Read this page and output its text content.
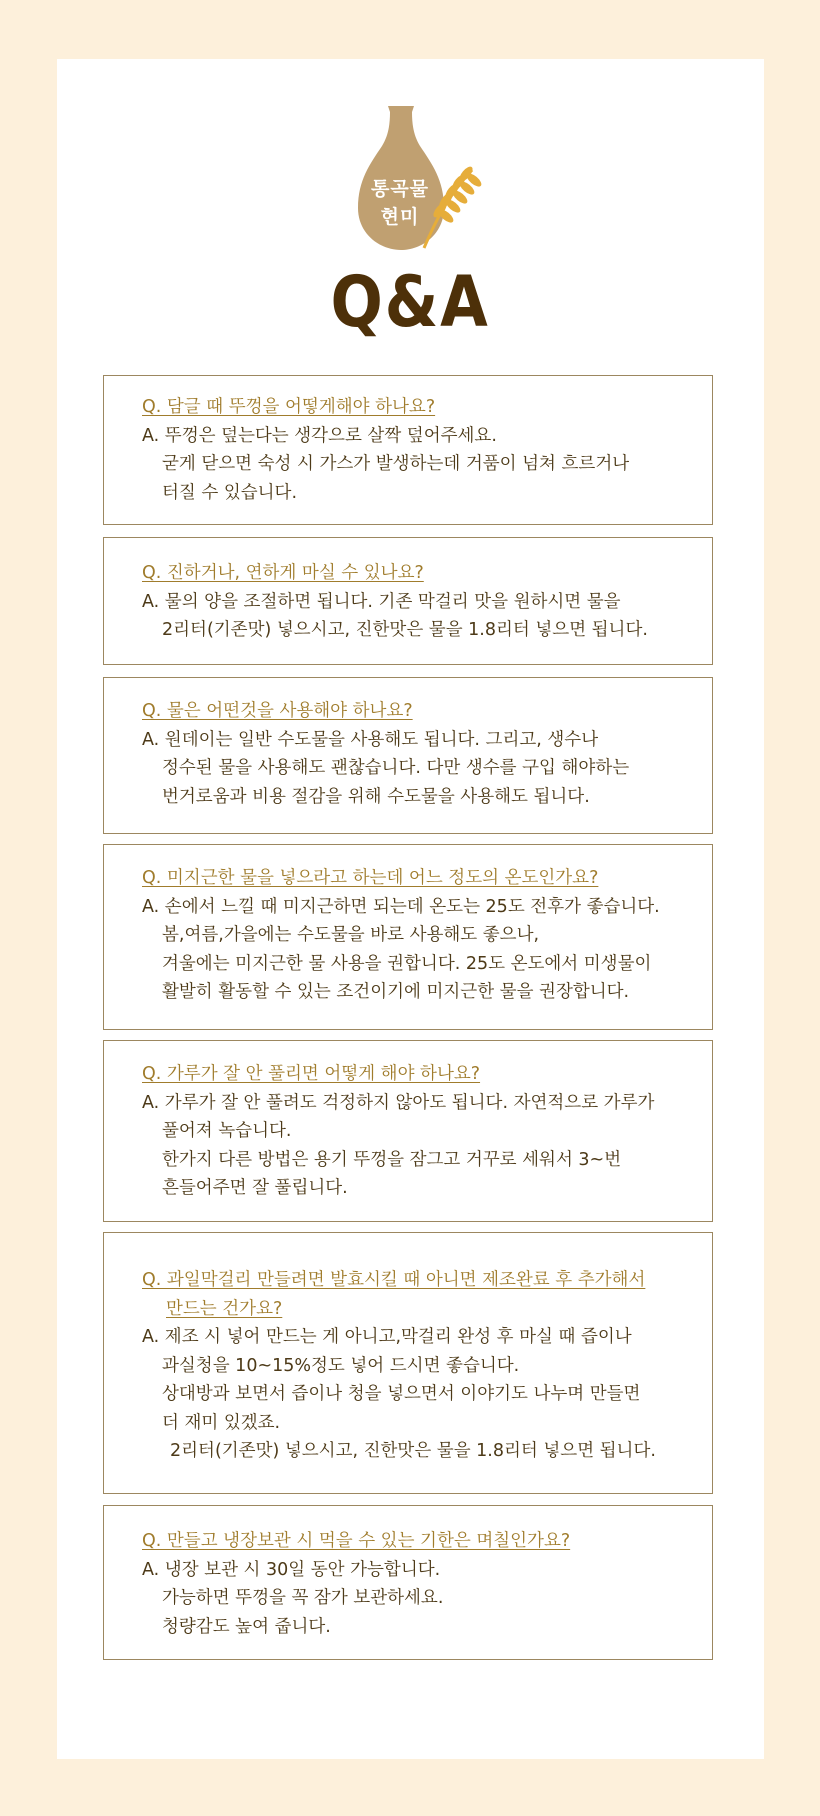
통곡물
현미
Q&A
Q. 담글 때 뚜껑을 어떻게해야 하나요?
A. 뚜껑은 덮는다는 생각으로 살짝 덮어주세요.
굳게 닫으면 숙성 시 가스가 발생하는데 거품이 넘쳐 흐르거나
터질 수 있습니다.
Q. 진하거나, 연하게 마실 수 있나요?
A. 물의 양을 조절하면 됩니다. 기존 막걸리 맛을 원하시면 물을
2리터(기존맛) 넣으시고, 진한맛은 물을 1.8리터 넣으면 됩니다.
Q. 물은 어떤것을 사용해야 하나요?
A. 원데이는 일반 수도물을 사용해도 됩니다. 그리고, 생수나
정수된 물을 사용해도 괜찮습니다. 다만 생수를 구입 해야하는
번거로움과 비용 절감을 위해 수도물을 사용해도 됩니다.
Q. 미지근한 물을 넣으라고 하는데 어느 정도의 온도인가요?
A. 손에서 느낄 때 미지근하면 되는데 온도는 25도 전후가 좋습니다.
봄,여름,가을에는 수도물을 바로 사용해도 좋으나,
겨울에는 미지근한 물 사용을 권합니다. 25도 온도에서 미생물이
활발히 활동할 수 있는 조건이기에 미지근한 물을 권장합니다.
Q. 가루가 잘 안 풀리면 어떻게 해야 하나요?
A. 가루가 잘 안 풀려도 걱정하지 않아도 됩니다. 자연적으로 가루가
풀어져 녹습니다.
한가지 다른 방법은 용기 뚜껑을 잠그고 거꾸로 세워서 3~번
흔들어주면 잘 풀립니다.
Q. 과일막걸리 만들려면 발효시킬 때 아니면 제조완료 후 추가해서
만드는 건가요?
A. 제조 시 넣어 만드는 게 아니고,막걸리 완성 후 마실 때 즙이나
과실청을 10~15%정도 넣어 드시면 좋습니다.
상대방과 보면서 즙이나 청을 넣으면서 이야기도 나누며 만들면
더 재미 있겠죠.
2리터(기존맛) 넣으시고, 진한맛은 물을 1.8리터 넣으면 됩니다.
Q. 만들고 냉장보관 시 먹을 수 있는 기한은 며칠인가요?
A. 냉장 보관 시 30일 동안 가능합니다.
가능하면 뚜껑을 꼭 잠가 보관하세요.
청량감도 높여 줍니다.
